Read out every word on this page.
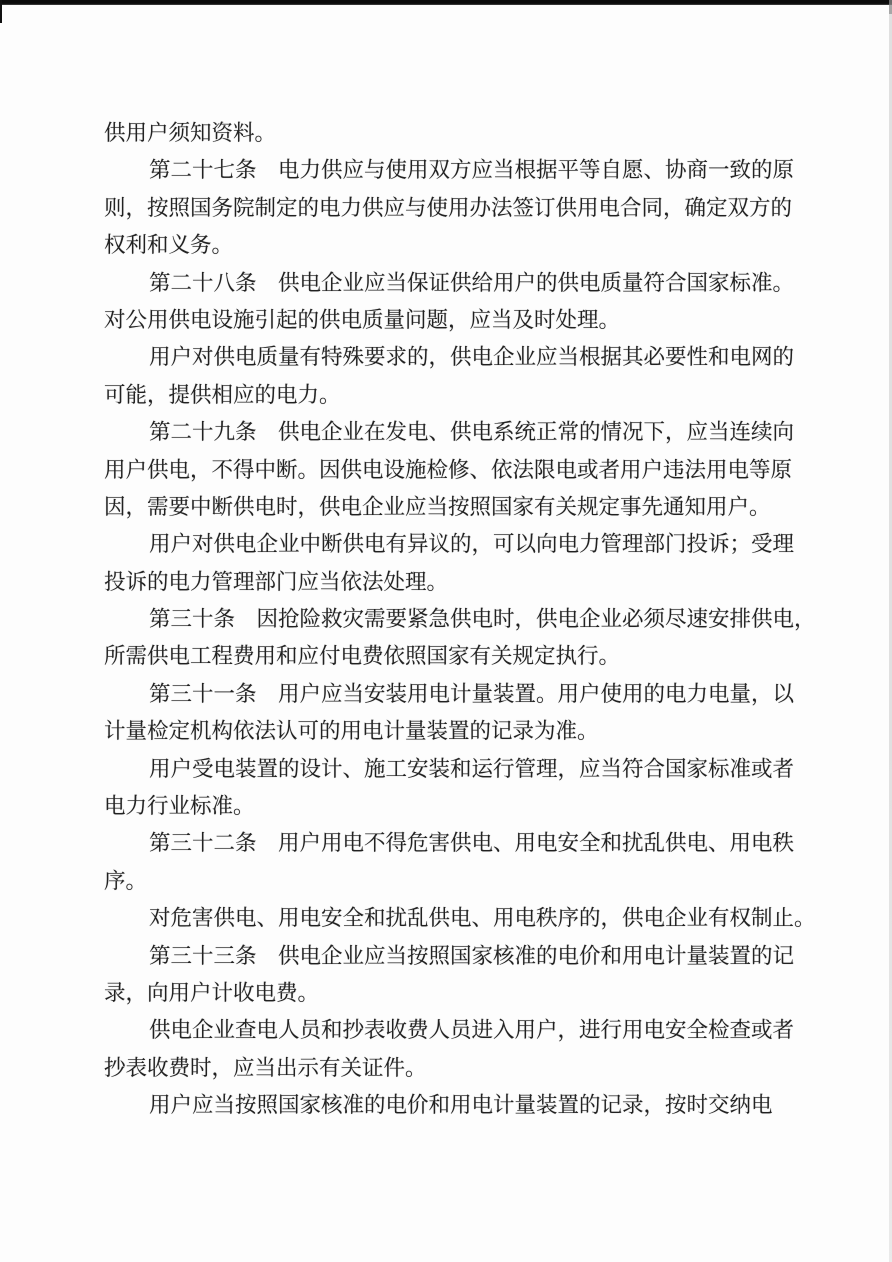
供用户须知资料。
第二十七条　电力供应与使用双方应当根据平等自愿、协商一致的原
则，按照国务院制定的电力供应与使用办法签订供用电合同，确定双方的
权利和义务。
第二十八条　供电企业应当保证供给用户的供电质量符合国家标准。
对公用供电设施引起的供电质量问题，应当及时处理。
用户对供电质量有特殊要求的，供电企业应当根据其必要性和电网的
可能，提供相应的电力。
第二十九条　供电企业在发电、供电系统正常的情况下，应当连续向
用户供电，不得中断。因供电设施检修、依法限电或者用户违法用电等原
因，需要中断供电时，供电企业应当按照国家有关规定事先通知用户。
用户对供电企业中断供电有异议的，可以向电力管理部门投诉；受理
投诉的电力管理部门应当依法处理。
第三十条　因抢险救灾需要紧急供电时，供电企业必须尽速安排供电，
所需供电工程费用和应付电费依照国家有关规定执行。
第三十一条　用户应当安装用电计量装置。用户使用的电力电量，以
计量检定机构依法认可的用电计量装置的记录为准。
用户受电装置的设计、施工安装和运行管理，应当符合国家标准或者
电力行业标准。
第三十二条　用户用电不得危害供电、用电安全和扰乱供电、用电秩
序。
对危害供电、用电安全和扰乱供电、用电秩序的，供电企业有权制止。
第三十三条　供电企业应当按照国家核准的电价和用电计量装置的记
录，向用户计收电费。
供电企业查电人员和抄表收费人员进入用户，进行用电安全检查或者
抄表收费时，应当出示有关证件。
用户应当按照国家核准的电价和用电计量装置的记录，按时交纳电
